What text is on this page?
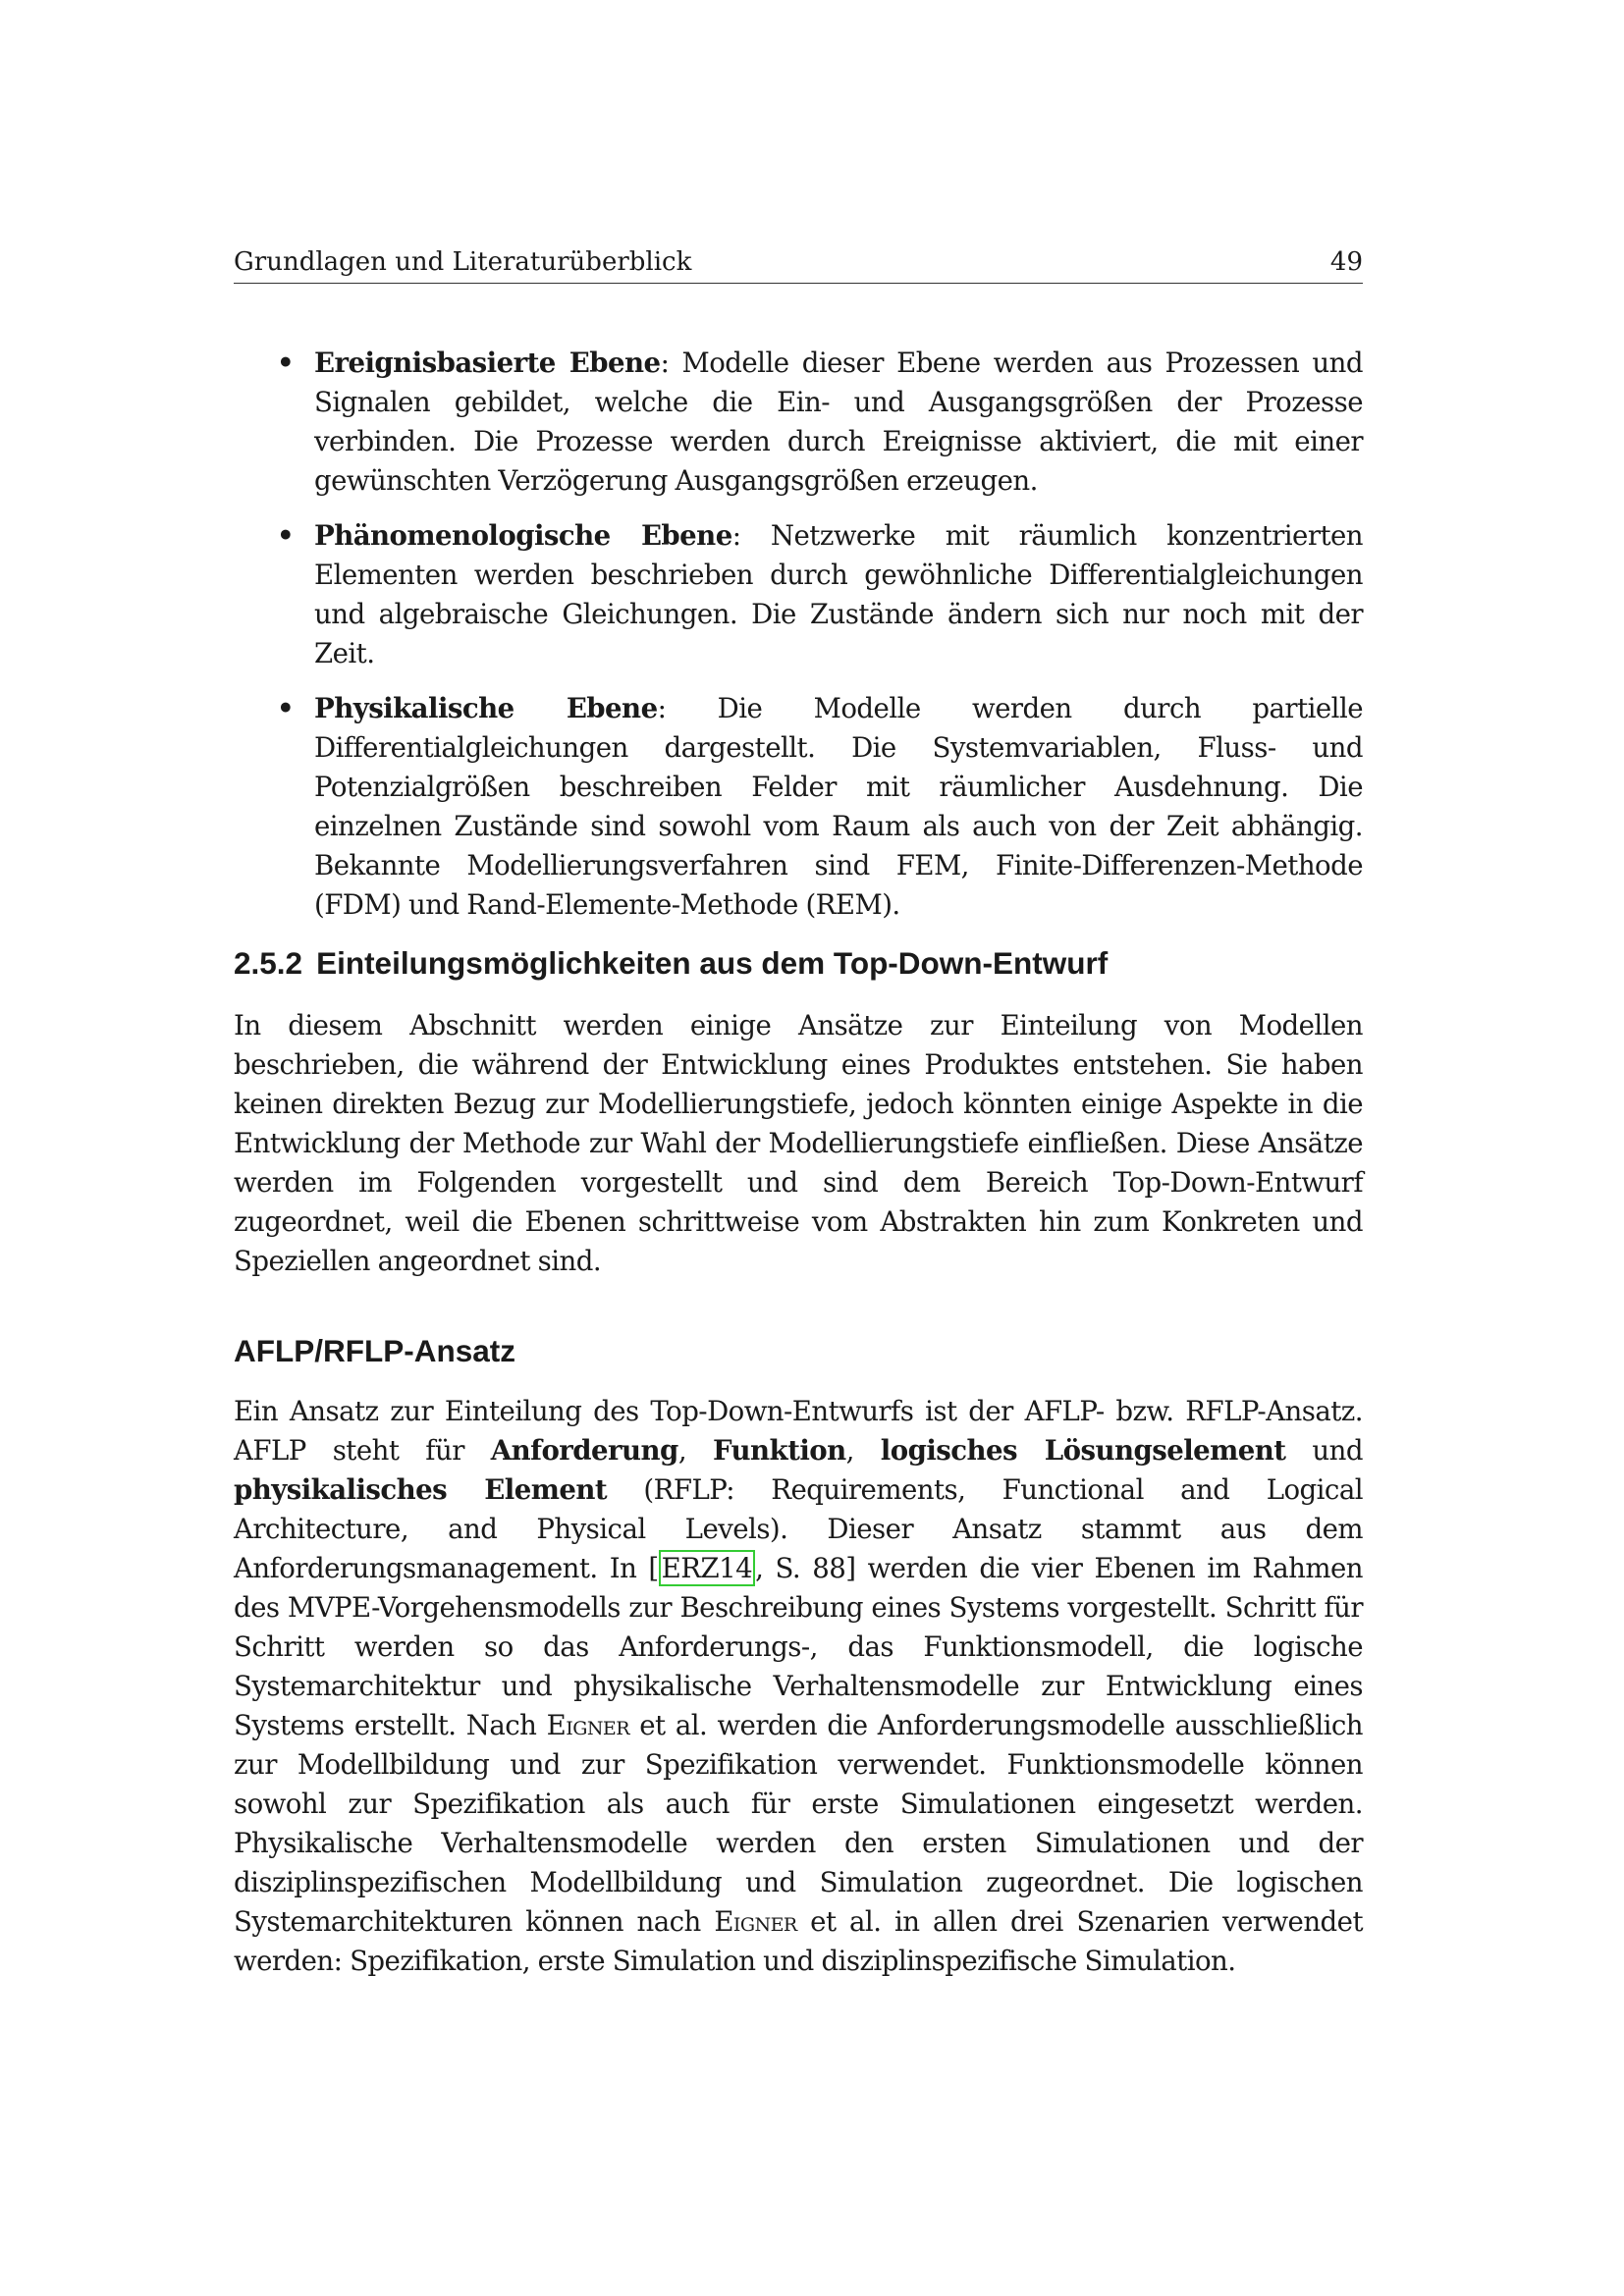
Grundlagen und Literaturüberblick	49
• Ereignisbasierte Ebene: Modelle dieser Ebene werden aus Prozessen und Signalen gebildet, welche die Ein- und Ausgangsgrößen der Prozesse verbinden. Die Prozesse werden durch Ereignisse aktiviert, die mit einer gewünschten Verzögerung Ausgangsgrößen erzeugen.
• Phänomenologische Ebene: Netzwerke mit räumlich konzentrierten Elementen werden beschrieben durch gewöhnliche Differentialgleichungen und algebraische Gleichungen. Die Zustände ändern sich nur noch mit der Zeit.
• Physikalische Ebene: Die Modelle werden durch partielle Differentialgleichungen dargestellt. Die Systemvariablen, Fluss- und Potenzialgrößen beschreiben Felder mit räumlicher Ausdehnung. Die einzelnen Zustände sind sowohl vom Raum als auch von der Zeit abhängig. Bekannte Modellierungsverfahren sind FEM, Finite-Differenzen-Methode (FDM) und Rand-Elemente-Methode (REM).
2.5.2 Einteilungsmöglichkeiten aus dem Top-Down-Entwurf

In diesem Abschnitt werden einige Ansätze zur Einteilung von Modellen beschrieben, die während der Entwicklung eines Produktes entstehen. Sie haben keinen direkten Bezug zur Modellierungstiefe, jedoch könnten einige Aspekte in die Entwicklung der Methode zur Wahl der Modellierungstiefe einfließen. Diese Ansätze werden im Folgenden vorgestellt und sind dem Bereich Top-Down-Entwurf zugeordnet, weil die Ebenen schrittweise vom Abstrakten hin zum Konkreten und Speziellen angeordnet sind.

AFLP/RFLP-Ansatz

Ein Ansatz zur Einteilung des Top-Down-Entwurfs ist der AFLP- bzw. RFLP-Ansatz. AFLP steht für Anforderung, Funktion, logisches Lösungselement und physikalisches Element (RFLP: Requirements, Functional and Logical Architecture, and Physical Levels). Dieser Ansatz stammt aus dem Anforderungsmanagement. In [ ERZ14 , S. 88] werden die vier Ebenen im Rahmen des MVPE-Vorgehensmodells zur Beschreibung eines Systems vorgestellt. Schritt für Schritt werden so das Anforderungs-, das Funktionsmodell, die logische Systemarchitektur und physikalische Verhaltensmodelle zur Entwicklung eines Systems erstellt. Nach Eigner et al. werden die Anforderungsmodelle ausschließlich zur Modellbildung und zur Spezifikation verwendet. Funktionsmodelle können sowohl zur Spezifikation als auch für erste Simulationen eingesetzt werden. Physikalische Verhaltensmodelle werden den ersten Simulationen und der disziplinspezifischen Modellbildung und Simulation zugeordnet. Die logischen Systemarchitekturen können nach Eigner et al. in allen drei Szenarien verwendet werden: Spezifikation, erste Simulation und disziplinspezifische Simulation.
